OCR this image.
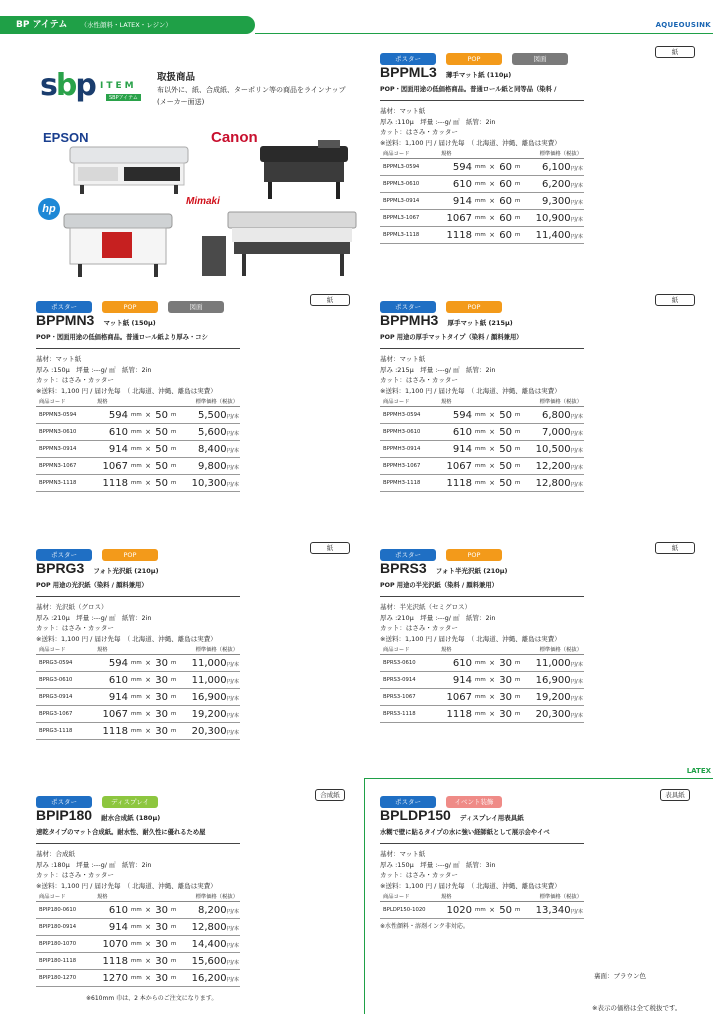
BP アイテム （水性顔料・LATEX・レジン）	AQUEOUSINK
sbp ITEM
SBPアイテム
取扱商品
布以外に、紙、合成紙、ターポリン等の商品をラインナップ
(メーカー面送)
EPSON	Canon
hp
Mimaki
LATEX
ポスター	POP	図面
紙
BPPML3 薄手マット紙 (110μ)
POP・図面用途の低価格商品。普通ロール紙と同等品（染料 /
基材：マット紙
厚み :110μ　坪量 :---g/ ㎡　紙管：2in
カット：はさみ・カッター
※送料：1,100 円 / 届け先毎　（ 北海道、沖縄、離島は実費）
商品コード	規格					標準価格（税抜）
BPPML3-0594	594	mm	×	60	m	6,100円/本
BPPML3-0610	610	mm	×	60	m	6,200円/本
BPPML3-0914	914	mm	×	60	m	9,300円/本
BPPML3-1067	1067	mm	×	60	m	10,900円/本
BPPML3-1118	1118	mm	×	60	m	11,400円/本
ポスター	POP	図面
紙
BPPMN3 マット紙 (150μ)
POP・図面用途の低価格商品。普通ロール紙より厚み・コシ
基材：マット紙
厚み :150μ　坪量 :---g/ ㎡　紙管：2in
カット：はさみ・カッター
※送料：1,100 円 / 届け先毎　（ 北海道、沖縄、離島は実費）
商品コード	規格					標準価格（税抜）
BPPMN3-0594	594	mm	×	50	m	5,500円/本
BPPMN3-0610	610	mm	×	50	m	5,600円/本
BPPMN3-0914	914	mm	×	50	m	8,400円/本
BPPMN3-1067	1067	mm	×	50	m	9,800円/本
BPPMN3-1118	1118	mm	×	50	m	10,300円/本
ポスター	POP
紙
BPPMH3 厚手マット紙 (215μ)
POP 用途の厚手マットタイプ（染料 / 顔料兼用）
基材：マット紙
厚み :215μ　坪量 :---g/ ㎡　紙管：2in
カット：はさみ・カッター
※送料：1,100 円 / 届け先毎　（ 北海道、沖縄、離島は実費）
商品コード	規格					標準価格（税抜）
BPPMH3-0594	594	mm	×	50	m	6,800円/本
BPPMH3-0610	610	mm	×	50	m	7,000円/本
BPPMH3-0914	914	mm	×	50	m	10,500円/本
BPPMH3-1067	1067	mm	×	50	m	12,200円/本
BPPMH3-1118	1118	mm	×	50	m	12,800円/本
ポスター	POP
紙
BPRG3 フォト光沢紙 (210μ)
POP 用途の光沢紙（染料 / 顔料兼用）
基材：光沢紙（グロス）
厚み :210μ　坪量 :---g/ ㎡　紙管：2in
カット：はさみ・カッター
※送料：1,100 円 / 届け先毎　（ 北海道、沖縄、離島は実費）
商品コード	規格					標準価格（税抜）
BPRG3-0594	594	mm	×	30	m	11,000円/本
BPRG3-0610	610	mm	×	30	m	11,000円/本
BPRG3-0914	914	mm	×	30	m	16,900円/本
BPRG3-1067	1067	mm	×	30	m	19,200円/本
BPRG3-1118	1118	mm	×	30	m	20,300円/本
ポスター	POP
紙
BPRS3 フォト半光沢紙 (210μ)
POP 用途の半光沢紙（染料 / 顔料兼用）
基材：半光沢紙（セミグロス）
厚み :210μ　坪量 :---g/ ㎡　紙管：2in
カット：はさみ・カッター
※送料：1,100 円 / 届け先毎　（ 北海道、沖縄、離島は実費）
商品コード	規格					標準価格（税抜）
BPRS3-0610	610	mm	×	30	m	11,000円/本
BPRS3-0914	914	mm	×	30	m	16,900円/本
BPRS3-1067	1067	mm	×	30	m	19,200円/本
BPRS3-1118	1118	mm	×	30	m	20,300円/本
ポスター	ディスプレイ
合成紙
BPIP180 耐水合成紙 (180μ)
速乾タイプのマット合成紙。耐水性、耐久性に優れるため屋
基材：合成紙
厚み :180μ　坪量 :---g/ ㎡　紙管：2in
カット：はさみ・カッター
※送料：1,100 円 / 届け先毎　（ 北海道、沖縄、離島は実費）
商品コード	規格					標準価格（税抜）
BPIP180-0610	610	mm	×	30	m	8,200円/本
BPIP180-0914	914	mm	×	30	m	12,800円/本
BPIP180-1070	1070	mm	×	30	m	14,400円/本
BPIP180-1118	1118	mm	×	30	m	15,600円/本
BPIP180-1270	1270	mm	×	30	m	16,200円/本
※610mm 巾は、2 本からのご注文になります。
ポスター	イベント装飾
表具紙
BPLDP150 ディスプレイ用表具紙
水糊で壁に貼るタイプの水に強い経師紙として展示会やイベ
基材：マット紙
厚み :150μ　坪量 :---g/ ㎡　紙管：3in
カット：はさみ・カッター
※送料：1,100 円 / 届け先毎　（ 北海道、沖縄、離島は実費）
商品コード	規格					標準価格（税抜）
BPLDP150-1020	1020	mm	×	50	m	13,340円/本
※水性顔料・溶剤インク非対応。
裏面：ブラウン色
※表示の価格は全て税抜です。
